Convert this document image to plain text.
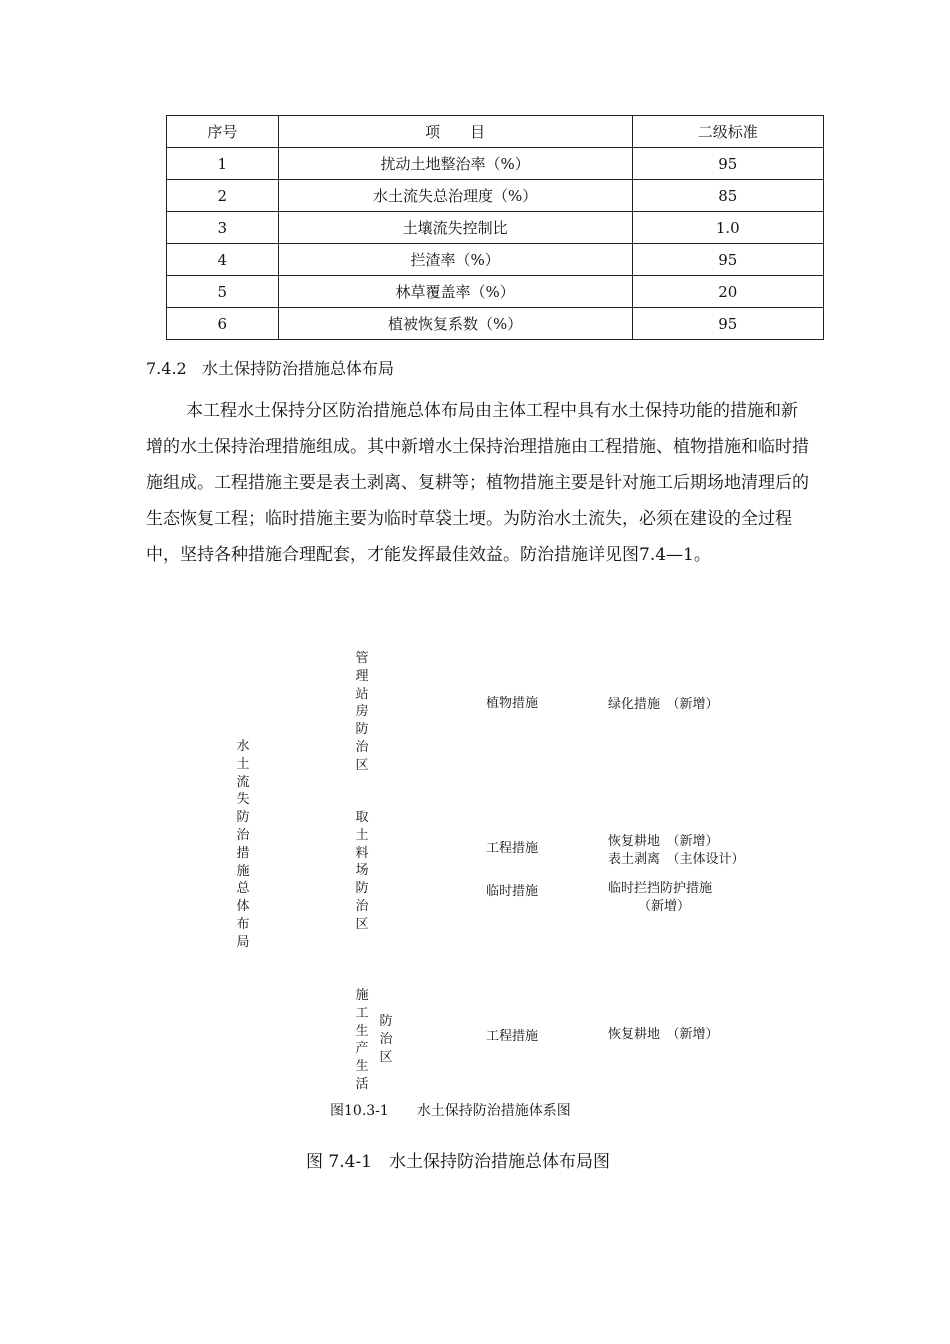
序号	项　　目	二级标准
1	扰动土地整治率（%）	95
2	水土流失总治理度（%）	85
3	土壤流失控制比	1.0
4	拦渣率（%）	95
5	林草覆盖率（%）	20
6	植被恢复系数（%）	95
7.4.2 水土保持防治措施总体布局

本工程水土保持分区防治措施总体布局由主体工程中具有水土保持功能的措施和新增的水土保持治理措施组成。其中新增水土保持治理措施由工程措施、植物措施和临时措施组成。工程措施主要是表土剥离、复耕等；植物措施主要是针对施工后期场地清理后的生态恢复工程；临时措施主要为临时草袋土埂。为防治水土流失，必须在建设的全过程中，坚持各种措施合理配套，才能发挥最佳效益。防治措施详见图7.4—1。

水土流失防治措施总体布局
管理站房防治区
植物措施	绿化措施　（新增）
取土料场防治区
工程措施	恢复耕地　（新增）
表土剥离　（主体设计）
临时措施	临时拦挡防护措施
（新增）
施工生产生活
防治区
工程措施	恢复耕地　（新增）
图10.3-1　　水土保持防治措施体系图
图 7.4-1　水土保持防治措施总体布局图
